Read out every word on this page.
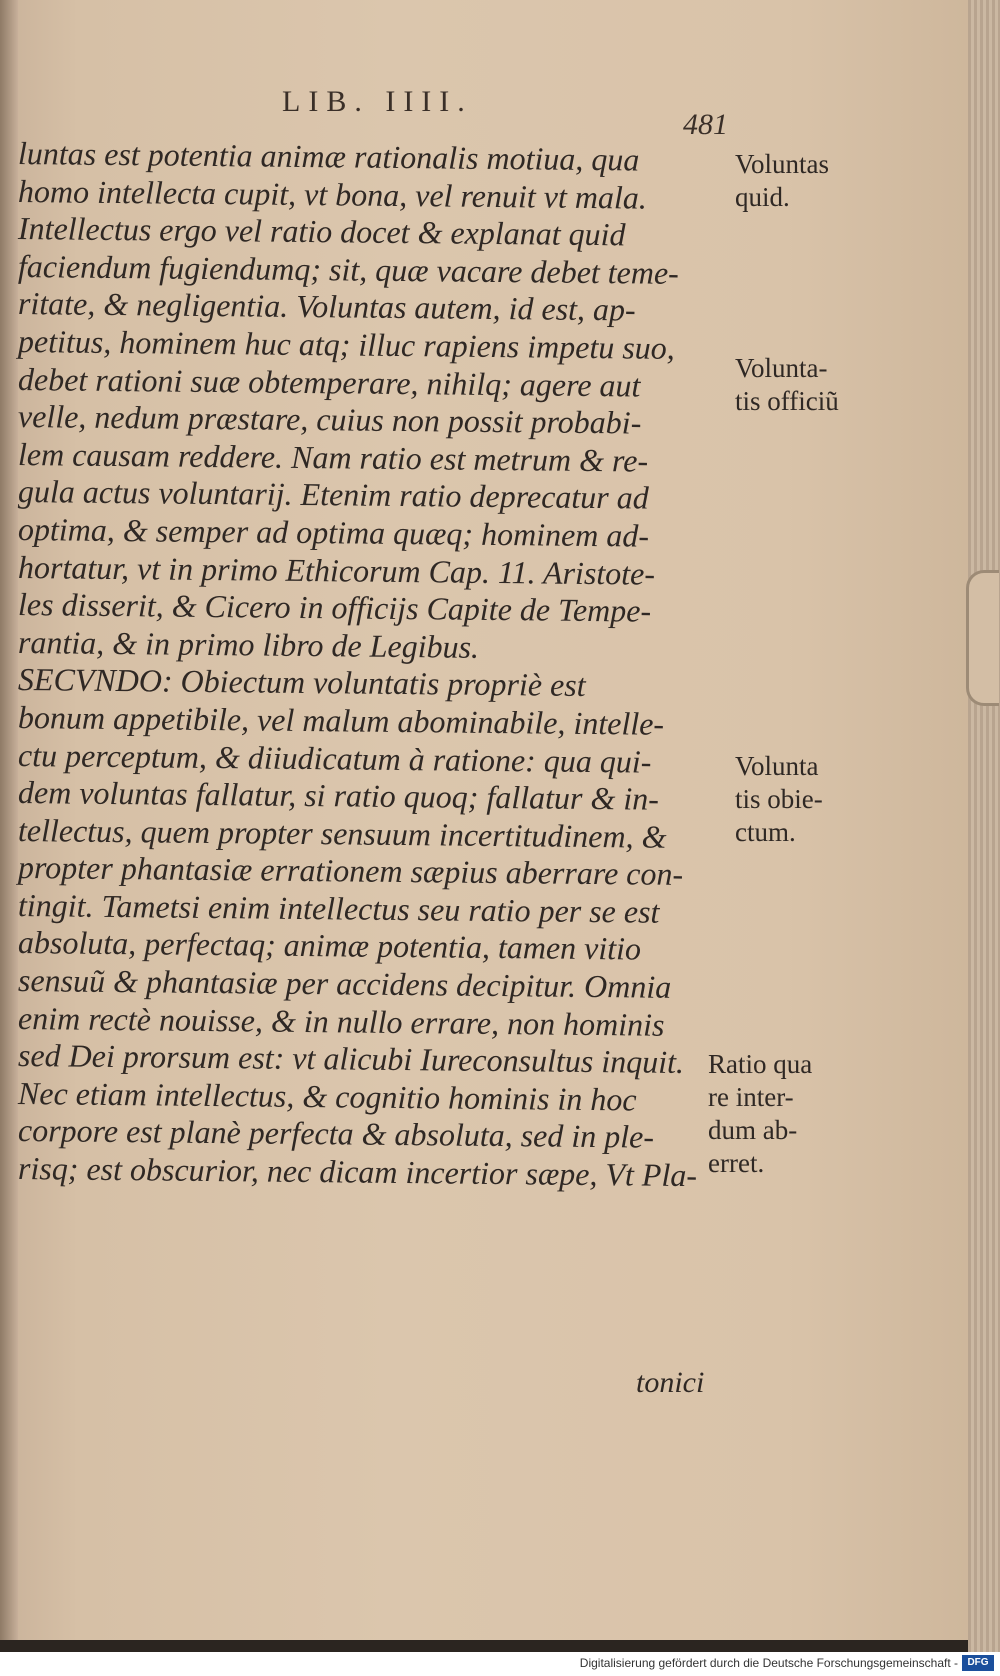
LIB. IIII.
481
luntas est potentia animæ rationalis motiua, qua
homo intellecta cupit, vt bona, vel renuit vt mala.
Intellectus ergo vel ratio docet & explanat quid
faciendum fugiendumq; sit, quæ vacare debet teme-
ritate, & negligentia. Voluntas autem, id est, ap-
petitus, hominem huc atq; illuc rapiens impetu suo,
debet rationi suæ obtemperare, nihilq; agere aut
velle, nedum præstare, cuius non possit probabi-
lem causam reddere. Nam ratio est metrum & re-
gula actus voluntarij. Etenim ratio deprecatur ad
optima, & semper ad optima quæq; hominem ad-
hortatur, vt in primo Ethicorum Cap. 11. Aristote-
les disserit, & Cicero in officijs Capite de Tempe-
rantia, & in primo libro de Legibus.
SECVNDO: Obiectum voluntatis propriè est
bonum appetibile, vel malum abominabile, intelle-
ctu perceptum, & diiudicatum à ratione: qua qui-
dem voluntas fallatur, si ratio quoq; fallatur & in-
tellectus, quem propter sensuum incertitudinem, &
propter phantasiæ errationem sæpius aberrare con-
tingit. Tametsi enim intellectus seu ratio per se est
absoluta, perfectaq; animæ potentia, tamen vitio
sensuũ & phantasiæ per accidens decipitur. Omnia
enim rectè nouisse, & in nullo errare, non hominis
sed Dei prorsum est: vt alicubi Iureconsultus inquit.
Nec etiam intellectus, & cognitio hominis in hoc
corpore est planè perfecta & absoluta, sed in ple-
risq; est obscurior, nec dicam incertior sæpe, Vt Pla-
tonici
Voluntas
quid.
Volunta-
tis officiũ
Volunta
tis obie-
ctum.
Ratio qua
re inter-
dum ab-
erret.
Digitalisierung gefördert durch die Deutsche Forschungsgemeinschaft - DFG
